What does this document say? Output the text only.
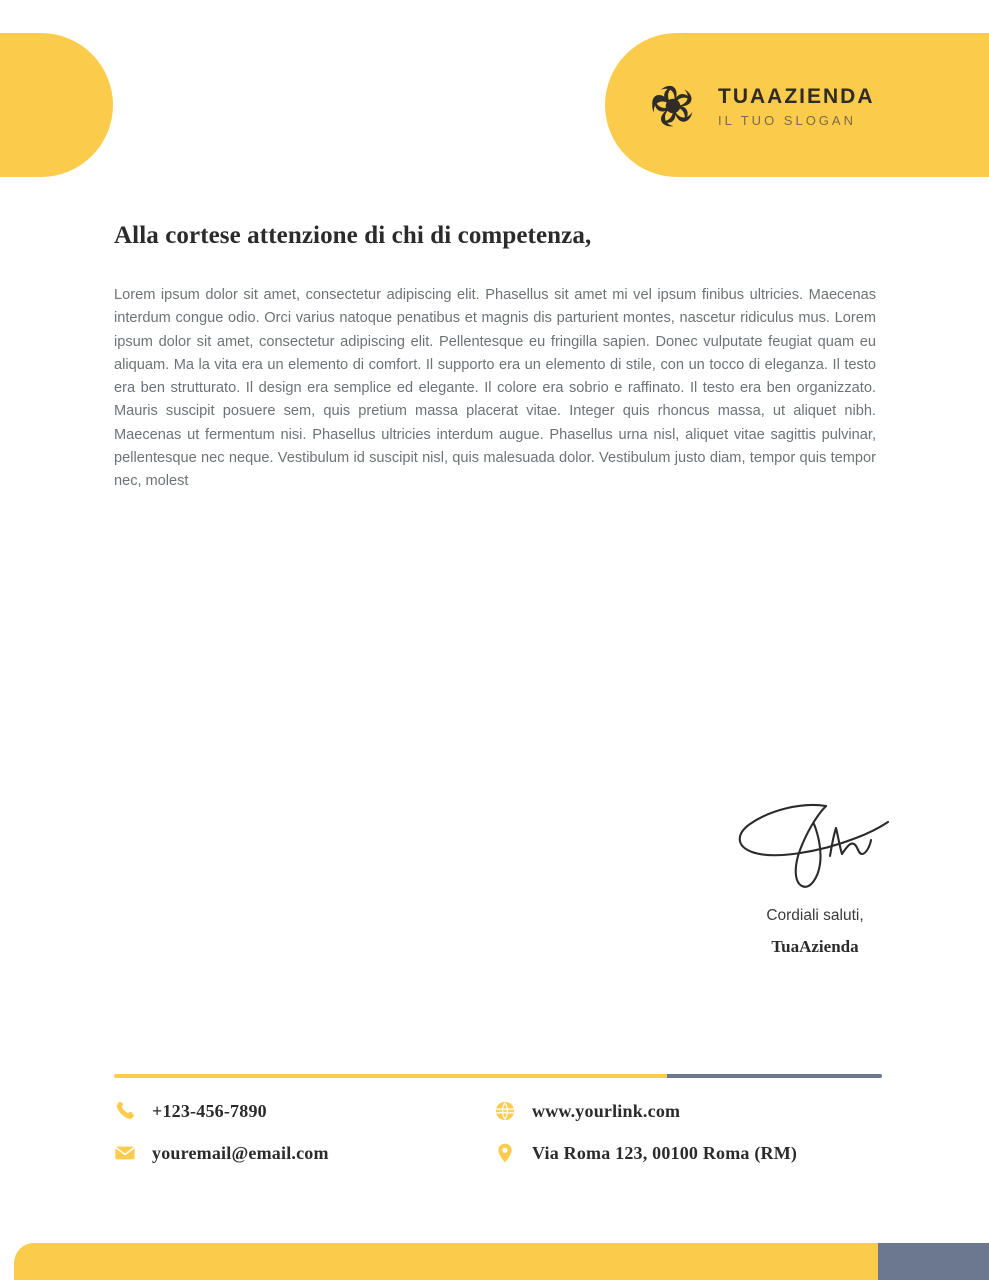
TUAAZIENDA
IL TUO SLOGAN
Alla cortese attenzione di chi di competenza,

Lorem ipsum dolor sit amet, consectetur adipiscing elit. Phasellus sit amet mi vel ipsum finibus ultricies. Maecenas interdum congue odio. Orci varius natoque penatibus et magnis dis parturient montes, nascetur ridiculus mus. Lorem ipsum dolor sit amet, consectetur adipiscing elit. Pellentesque eu fringilla sapien. Donec vulputate feugiat quam eu aliquam. Ma la vita era un elemento di comfort. Il supporto era un elemento di stile, con un tocco di eleganza. Il testo era ben strutturato. Il design era semplice ed elegante. Il colore era sobrio e raffinato. Il testo era ben organizzato.   Mauris suscipit posuere sem, quis pretium massa placerat vitae. Integer quis rhoncus massa, ut aliquet nibh. Maecenas ut fermentum nisi. Phasellus ultricies interdum augue. Phasellus urna nisl, aliquet vitae sagittis pulvinar, pellentesque nec neque. Vestibulum id suscipit nisl, quis malesuada dolor. Vestibulum justo diam, tempor quis tempor nec, molest

Cordiali saluti,

TuaAzienda

+123-456-7890	www.yourlink.com
youremail@email.com	Via Roma 123, 00100 Roma (RM)
